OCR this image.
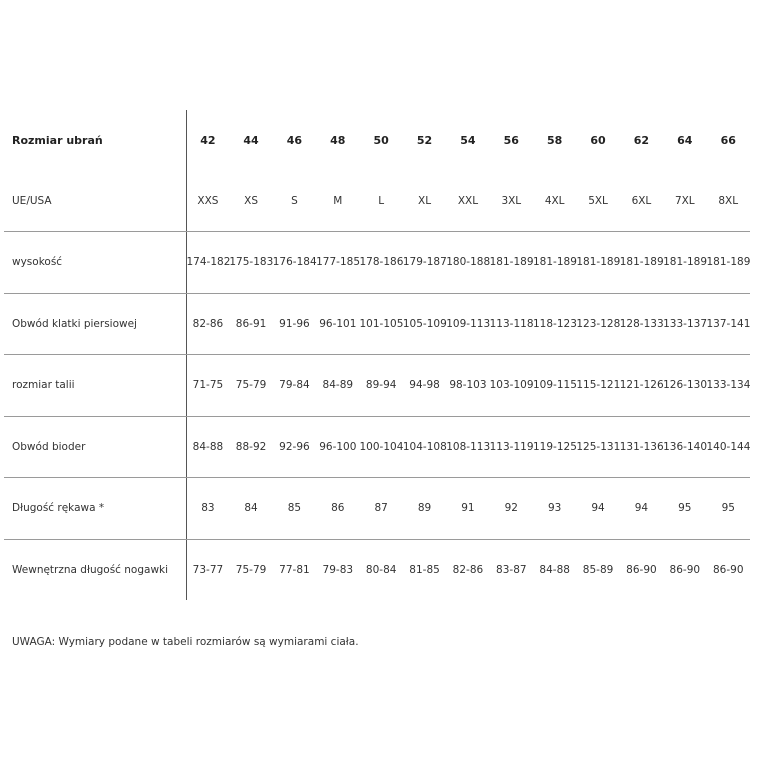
Rozmiar ubrań	42	44	46	48	50	52	54	56	58	60	62	64	66
UE/USA	XXS	XS	S	M	L	XL	XXL	3XL	4XL	5XL	6XL	7XL	8XL
wysokość	174-182	175-183	176-184	177-185	178-186	179-187	180-188	181-189	181-189	181-189	181-189	181-189	181-189
Obwód klatki piersiowej	82-86	86-91	91-96	96-101	101-105	105-109	109-113	113-118	118-123	123-128	128-133	133-137	137-141
rozmiar talii	71-75	75-79	79-84	84-89	89-94	94-98	98-103	103-109	109-115	115-121	121-126	126-130	133-134
Obwód bioder	84-88	88-92	92-96	96-100	100-104	104-108	108-113	113-119	119-125	125-131	131-136	136-140	140-144
Długość rękawa *	83	84	85	86	87	89	91	92	93	94	94	95	95
Wewnętrzna długość nogawki	73-77	75-79	77-81	79-83	80-84	81-85	82-86	83-87	84-88	85-89	86-90	86-90	86-90
UWAGA: Wymiary podane w tabeli rozmiarów są wymiarami ciała.
